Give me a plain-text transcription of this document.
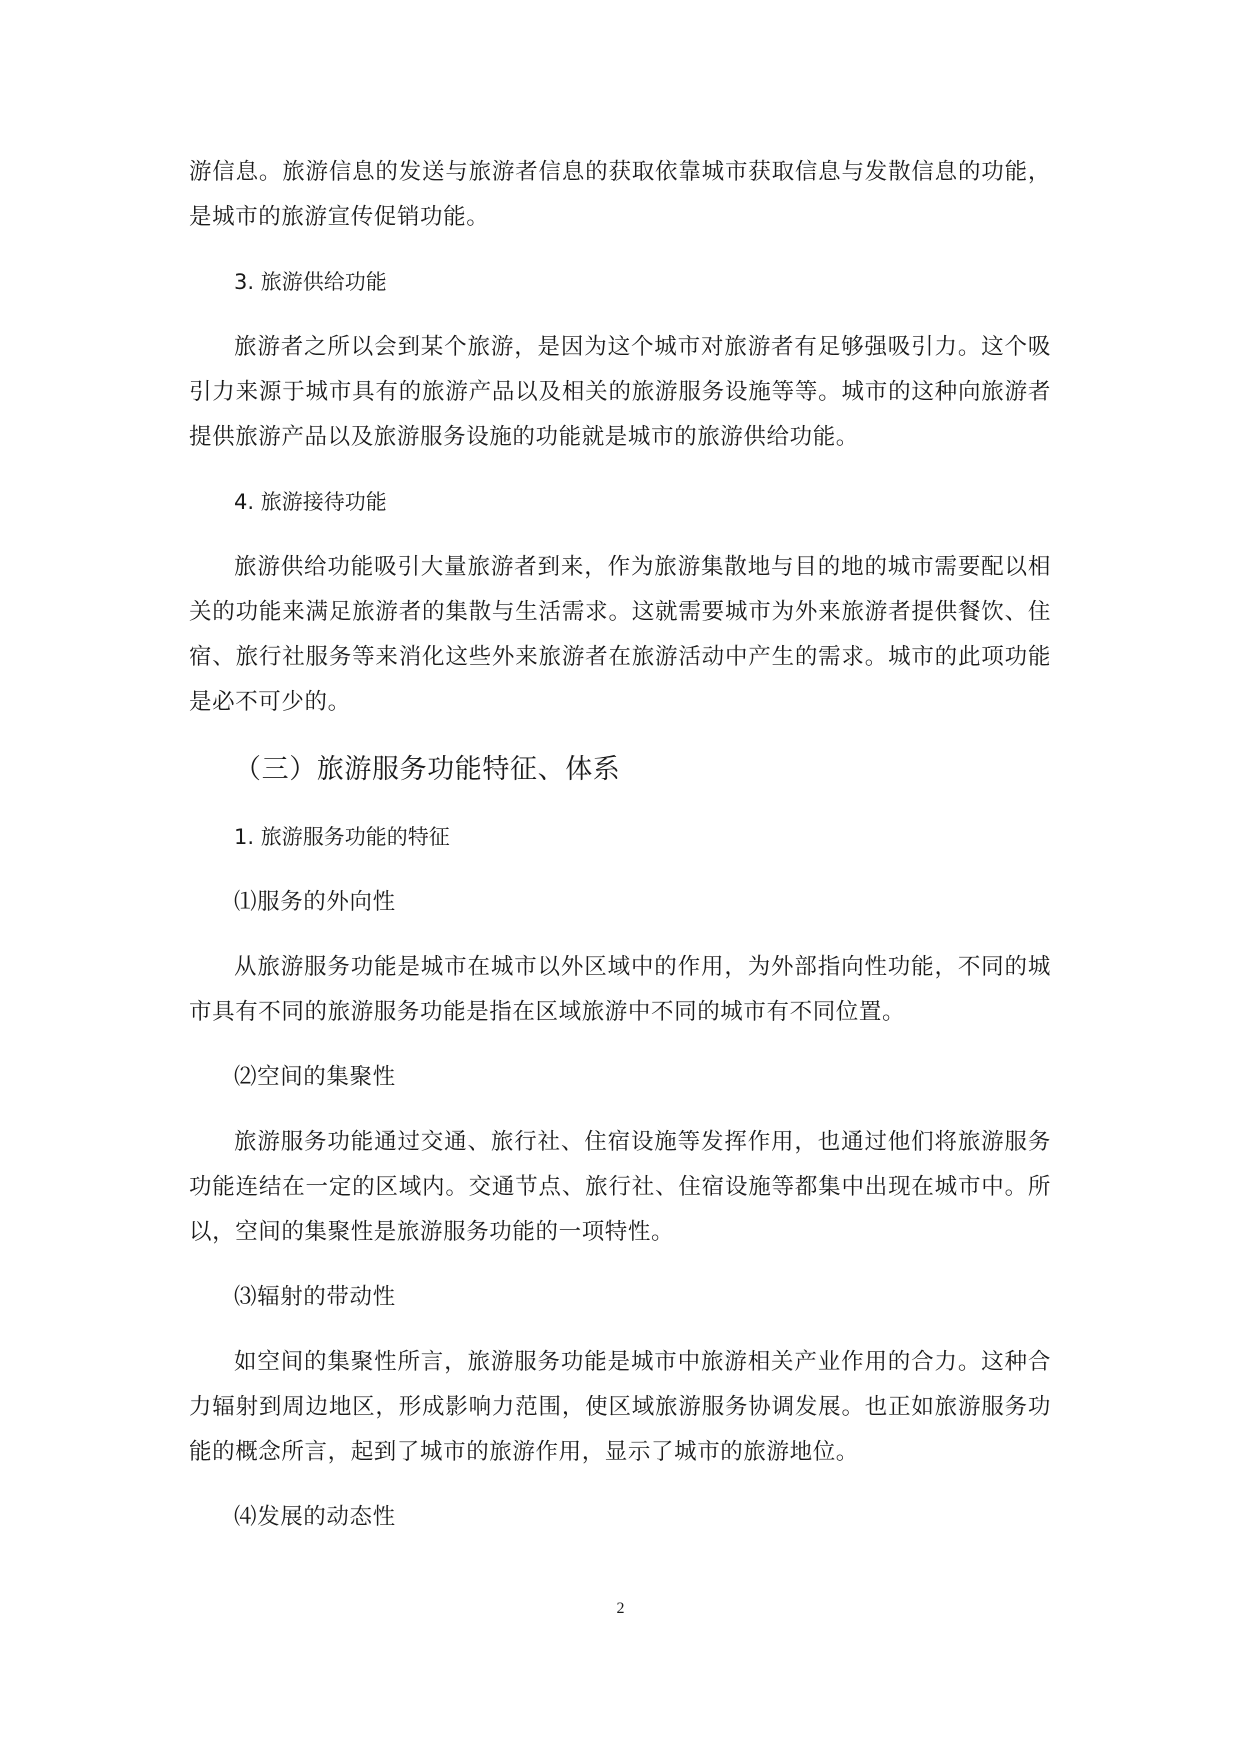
游信息。旅游信息的发送与旅游者信息的获取依靠城市获取信息与发散信息的功能，是城市的旅游宣传促销功能。

3. 旅游供给功能

旅游者之所以会到某个旅游，是因为这个城市对旅游者有足够强吸引力。这个吸引力来源于城市具有的旅游产品以及相关的旅游服务设施等等。城市的这种向旅游者提供旅游产品以及旅游服务设施的功能就是城市的旅游供给功能。

4. 旅游接待功能

旅游供给功能吸引大量旅游者到来，作为旅游集散地与目的地的城市需要配以相关的功能来满足旅游者的集散与生活需求。这就需要城市为外来旅游者提供餐饮、住宿、旅行社服务等来消化这些外来旅游者在旅游活动中产生的需求。城市的此项功能是必不可少的。

（三）旅游服务功能特征、体系
1. 旅游服务功能的特征
⑴服务的外向性

从旅游服务功能是城市在城市以外区域中的作用，为外部指向性功能，不同的城市具有不同的旅游服务功能是指在区域旅游中不同的城市有不同位置。

⑵空间的集聚性

旅游服务功能通过交通、旅行社、住宿设施等发挥作用，也通过他们将旅游服务功能连结在一定的区域内。交通节点、旅行社、住宿设施等都集中出现在城市中。所以，空间的集聚性是旅游服务功能的一项特性。

⑶辐射的带动性

如空间的集聚性所言，旅游服务功能是城市中旅游相关产业作用的合力。这种合力辐射到周边地区，形成影响力范围，使区域旅游服务协调发展。也正如旅游服务功能的概念所言，起到了城市的旅游作用，显示了城市的旅游地位。

⑷发展的动态性
2
